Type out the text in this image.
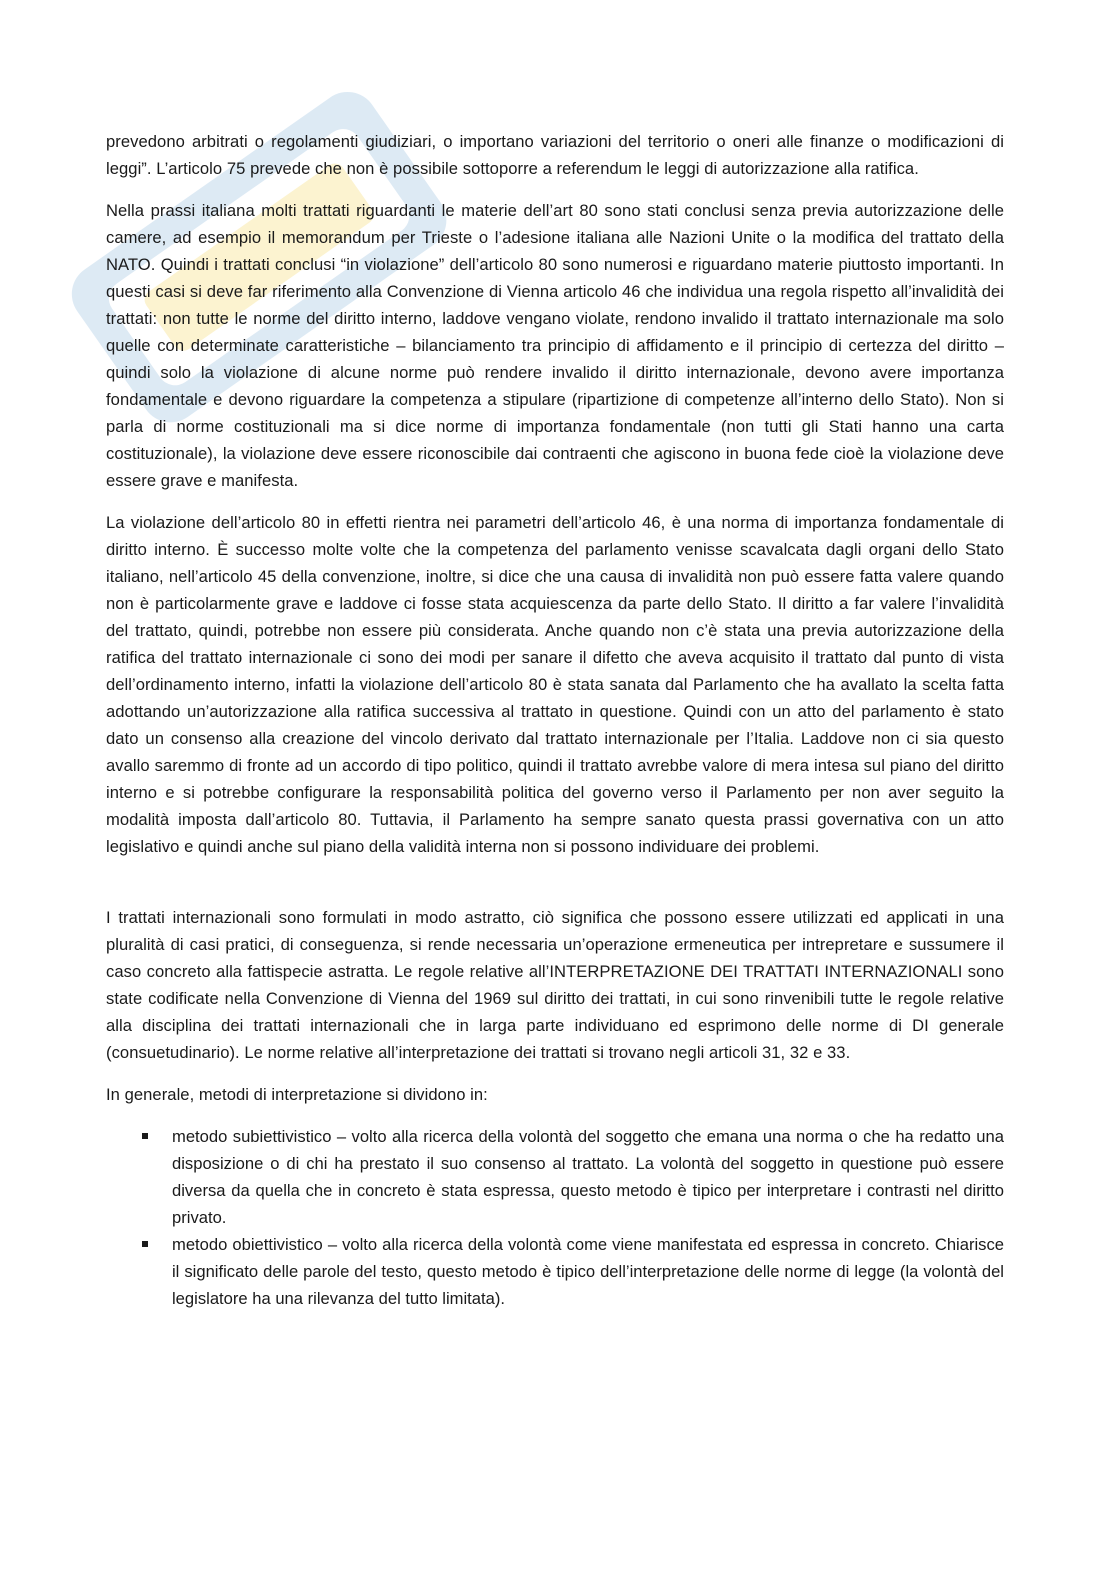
prevedono arbitrati o regolamenti giudiziari, o importano variazioni del territorio o oneri alle finanze o modificazioni di leggi”. L’articolo 75 prevede che non è possibile sottoporre a referendum le leggi di autorizzazione alla ratifica.

Nella prassi italiana molti trattati riguardanti le materie dell’art 80 sono stati conclusi senza previa autorizzazione delle camere, ad esempio il memorandum per Trieste o l’adesione italiana alle Nazioni Unite o la modifica del trattato della NATO. Quindi i trattati conclusi “in violazione” dell’articolo 80 sono numerosi e riguardano materie piuttosto importanti. In questi casi si deve far riferimento alla Convenzione di Vienna articolo 46 che individua una regola rispetto all’invalidità dei trattati: non tutte le norme del diritto interno, laddove vengano violate, rendono invalido il trattato internazionale ma solo quelle con determinate caratteristiche – bilanciamento tra principio di affidamento e il principio di certezza del diritto – quindi solo la violazione di alcune norme può rendere invalido il diritto internazionale, devono avere importanza fondamentale e devono riguardare la competenza a stipulare (ripartizione di competenze all’interno dello Stato). Non si parla di norme costituzionali ma si dice norme di importanza fondamentale (non tutti gli Stati hanno una carta costituzionale), la violazione deve essere riconoscibile dai contraenti che agiscono in buona fede cioè la violazione deve essere grave e manifesta.

La violazione dell’articolo 80 in effetti rientra nei parametri dell’articolo 46, è una norma di importanza fondamentale di diritto interno. È successo molte volte che la competenza del parlamento venisse scavalcata dagli organi dello Stato italiano, nell’articolo 45 della convenzione, inoltre, si dice che una causa di invalidità non può essere fatta valere quando non è particolarmente grave e laddove ci fosse stata acquiescenza da parte dello Stato. Il diritto a far valere l’invalidità del trattato, quindi, potrebbe non essere più considerata. Anche quando non c’è stata una previa autorizzazione della ratifica del trattato internazionale ci sono dei modi per sanare il difetto che aveva acquisito il trattato dal punto di vista dell’ordinamento interno, infatti la violazione dell’articolo 80 è stata sanata dal Parlamento che ha avallato la scelta fatta adottando un’autorizzazione alla ratifica successiva al trattato in questione. Quindi con un atto del parlamento è stato dato un consenso alla creazione del vincolo derivato dal trattato internazionale per l’Italia. Laddove non ci sia questo avallo saremmo di fronte ad un accordo di tipo politico, quindi il trattato avrebbe valore di mera intesa sul piano del diritto interno e si potrebbe configurare la responsabilità politica del governo verso il Parlamento per non aver seguito la modalità imposta dall’articolo 80. Tuttavia, il Parlamento ha sempre sanato questa prassi governativa con un atto legislativo e quindi anche sul piano della validità interna non si possono individuare dei problemi.

I trattati internazionali sono formulati in modo astratto, ciò significa che possono essere utilizzati ed applicati in una pluralità di casi pratici, di conseguenza, si rende necessaria un’operazione ermeneutica per intrepretare e sussumere il caso concreto alla fattispecie astratta. Le regole relative all’INTERPRETAZIONE DEI TRATTATI INTERNAZIONALI sono state codificate nella Convenzione di Vienna del 1969 sul diritto dei trattati, in cui sono rinvenibili tutte le regole relative alla disciplina dei trattati internazionali che in larga parte individuano ed esprimono delle norme di DI generale (consuetudinario). Le norme relative all’interpretazione dei trattati si trovano negli articoli 31, 32 e 33.

In generale, metodi di interpretazione si dividono in:

metodo subiettivistico – volto alla ricerca della volontà del soggetto che emana una norma o che ha redatto una disposizione o di chi ha prestato il suo consenso al trattato. La volontà del soggetto in questione può essere diversa da quella che in concreto è stata espressa, questo metodo è tipico per interpretare i contrasti nel diritto privato.
metodo obiettivistico – volto alla ricerca della volontà come viene manifestata ed espressa in concreto. Chiarisce il significato delle parole del testo, questo metodo è tipico dell’interpretazione delle norme di legge (la volontà del legislatore ha una rilevanza del tutto limitata).
